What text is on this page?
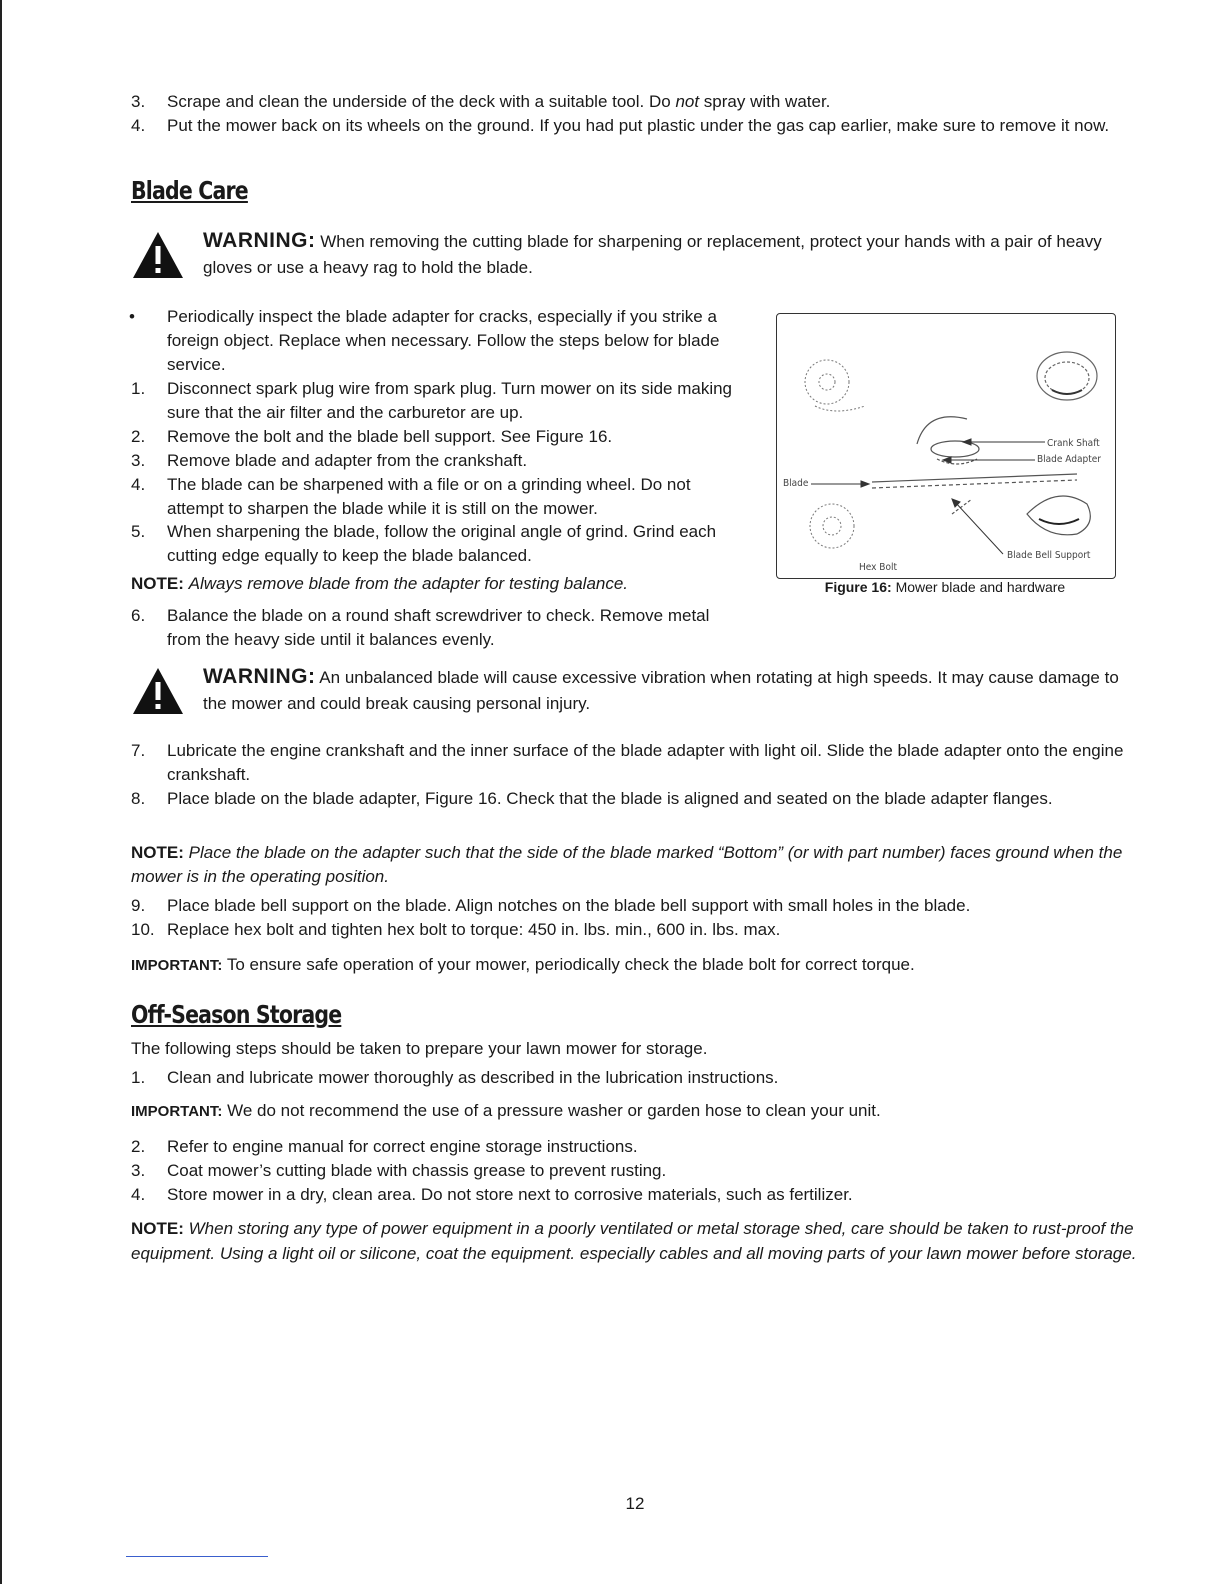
3.	Scrape and clean the underside of the deck with a suitable tool. Do not spray with water.
4.	Put the mower back on its wheels on the ground. If you had put plastic under the gas cap earlier, make sure to remove it now.
Blade Care
WARNING: When removing the cutting blade for sharpening or replacement, protect your hands with a pair of heavy gloves or use a heavy rag to hold the blade.
•	Periodically inspect the blade adapter for cracks, especially if you strike a foreign object. Replace when necessary. Follow the steps below for blade service.
1.	Disconnect spark plug wire from spark plug. Turn mower on its side making sure that the air filter and the carburetor are up.
2.	Remove the bolt and the blade bell support. See Figure 16.
3.	Remove blade and adapter from the crankshaft.
4.	The blade can be sharpened with a file or on a grinding wheel. Do not attempt to sharpen the blade while it is still on the mower.
5.	When sharpening the blade, follow the original angle of grind. Grind each cutting edge equally to keep the blade balanced.
NOTE: Always remove blade from the adapter for testing balance.
6.	Balance the blade on a round shaft screwdriver to check. Remove metal from the heavy side until it balances evenly.
Crank Shaft
Blade Adapter
Blade
Hex Bolt
Blade Bell Support
Figure 16: Mower blade and hardware
WARNING: An unbalanced blade will cause excessive vibration when rotating at high speeds. It may cause damage to the mower and could break causing personal injury.
7.	Lubricate the engine crankshaft and the inner surface of the blade adapter with light oil. Slide the blade adapter onto the engine crankshaft.
8.	Place blade on the blade adapter, Figure 16. Check that the blade is aligned and seated on the blade adapter flanges.
NOTE: Place the blade on the adapter such that the side of the blade marked “Bottom” (or with part number) faces ground when the mower is in the operating position.
9.	Place blade bell support on the blade. Align notches on the blade bell support with small holes in the blade.
10. Replace hex bolt and tighten hex bolt to torque: 450 in. lbs. min., 600 in. lbs. max.
IMPORTANT: To ensure safe operation of your mower, periodically check the blade bolt for correct torque.
Off-Season Storage
The following steps should be taken to prepare your lawn mower for storage.
1.	Clean and lubricate mower thoroughly as described in the lubrication instructions.
IMPORTANT: We do not recommend the use of a pressure washer or garden hose to clean your unit.
2.	Refer to engine manual for correct engine storage instructions.
3.	Coat mower’s cutting blade with chassis grease to prevent rusting.
4.	Store mower in a dry, clean area. Do not store next to corrosive materials, such as fertilizer.
NOTE: When storing any type of power equipment in a poorly ventilated or metal storage shed, care should be taken to rust-proof the equipment. Using a light oil or silicone, coat the equipment. especially cables and all moving parts of your lawn mower before storage.
12
